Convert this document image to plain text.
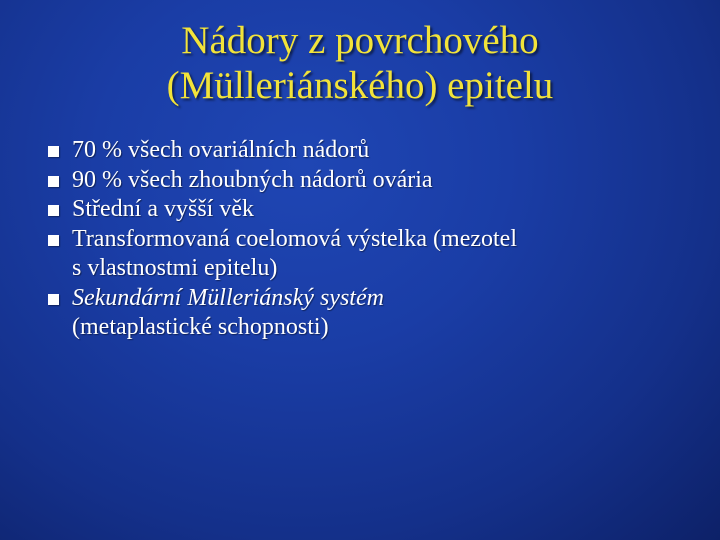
Nádory z povrchového
(Mülleriánského) epitelu
70 % všech ovariálních nádorů
90 % všech zhoubných nádorů ovária
Střední a vyšší věk
Transformovaná coelomová výstelka (mezotel
s vlastnostmi epitelu)
Sekundární Mülleriánský systém
(metaplastické schopnosti)
